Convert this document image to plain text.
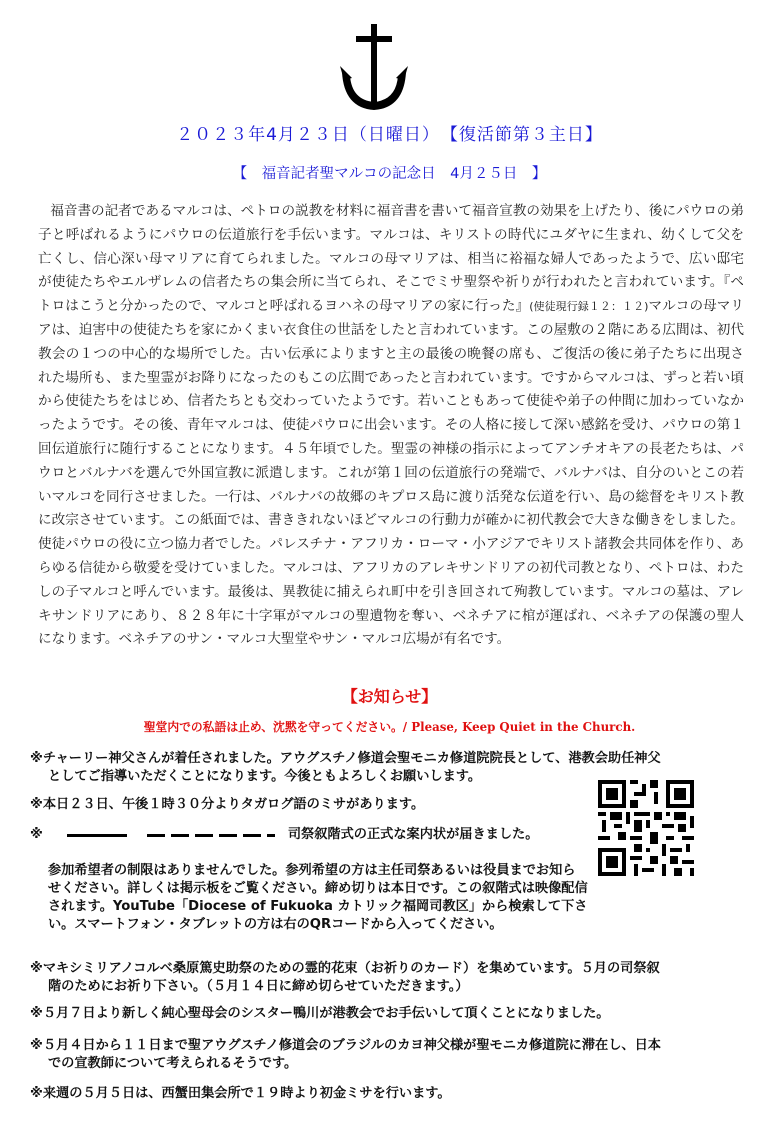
２０２３年4月２３日（日曜日）　【復活節第３主日】
【　福音記者聖マルコの記念日　4月２５日　】

福音書の記者であるマルコは、ペトロの説教を材料に福音書を書いて福音宣教の効果を上げたり、後にパウロの弟子と呼ばれるようにパウロの伝道旅行を手伝います。マルコは、キリストの時代にユダヤに生まれ、幼くして父を亡くし、信心深い母マリアに育てられました。マルコの母マリアは、相当に裕福な婦人であったようで、広い邸宅が使徒たちやエルザレムの信者たちの集会所に当てられ、そこでミサ聖祭や祈りが行われたと言われています。『ペトロはこうと分かったので、マルコと呼ばれるヨハネの母マリアの家に行った』(使徒現行録１２：１２)マルコの母マリアは、迫害中の使徒たちを家にかくまい衣食住の世話をしたと言われています。この屋敷の２階にある広間は、初代教会の１つの中心的な場所でした。古い伝承によりますと主の最後の晩餐の席も、ご復活の後に弟子たちに出現された場所も、また聖霊がお降りになったのもこの広間であったと言われています。ですからマルコは、ずっと若い頃から使徒たちをはじめ、信者たちとも交わっていたようです。若いこともあって使徒や弟子の仲間に加わっていなかったようです。その後、青年マルコは、使徒パウロに出会います。その人格に接して深い感銘を受け、パウロの第１回伝道旅行に随行することになります。４５年頃でした。聖霊の神様の指示によってアンチオキアの長老たちは、パウロとバルナバを選んで外国宣教に派遣します。これが第１回の伝道旅行の発端で、バルナバは、自分のいとこの若いマルコを同行させました。一行は、バルナバの故郷のキプロス島に渡り活発な伝道を行い、島の総督をキリスト教に改宗させています。この紙面では、書ききれないほどマルコの行動力が確かに初代教会で大きな働きをしました。使徒パウロの役に立つ協力者でした。パレスチナ・アフリカ・ローマ・小アジアでキリスト諸教会共同体を作り、あらゆる信徒から敬愛を受けていました。マルコは、アフリカのアレキサンドリアの初代司教となり、ペトロは、わたしの子マルコと呼んでいます。最後は、異教徒に捕えられ町中を引き回されて殉教しています。マルコの墓は、アレキサンドリアにあり、８２８年に十字軍がマルコの聖遺物を奪い、ベネチアに棺が運ばれ、ベネチアの保護の聖人になります。ベネチアのサン・マルコ大聖堂やサン・マルコ広場が有名です。

【お知らせ】
聖堂内での私語は止め、沈黙を守ってください。/ Please, Keep Quiet in the Church.

※チャーリー神父さんが着任されました。アウグスチノ修道会聖モニカ修道院院長として、港教会助任神父
としてご指導いただくことになります。今後ともよろしくお願いします。

※本日２３日、午後１時３０分よりタガログ語のミサがあります。

※	司祭叙階式の正式な案内状が届きました。

参加希望者の制限はありませんでした。参列希望の方は主任司祭あるいは役員までお知らせください。詳しくは掲示板をご覧ください。締め切りは本日です。この叙階式は映像配信されます。YouTube「Diocese of Fukuoka カトリック福岡司教区」から検索して下さい。スマートフォン・タブレットの方は右のQRコードから入ってください。

※マキシミリアノコルベ桑原篤史助祭のための霊的花束（お祈りのカード）を集めています。５月の司祭叙
階のためにお祈り下さい。（５月１４日に締め切らせていただきます。）

※５月７日より新しく純心聖母会のシスター鴨川が港教会でお手伝いして頂くことになりました。

※５月４日から１１日まで聖アウグスチノ修道会のブラジルのカヨ神父様が聖モニカ修道院に滞在し、日本
での宣教師について考えられるそうです。

※来週の５月５日は、西蟹田集会所で１９時より初金ミサを行います。
